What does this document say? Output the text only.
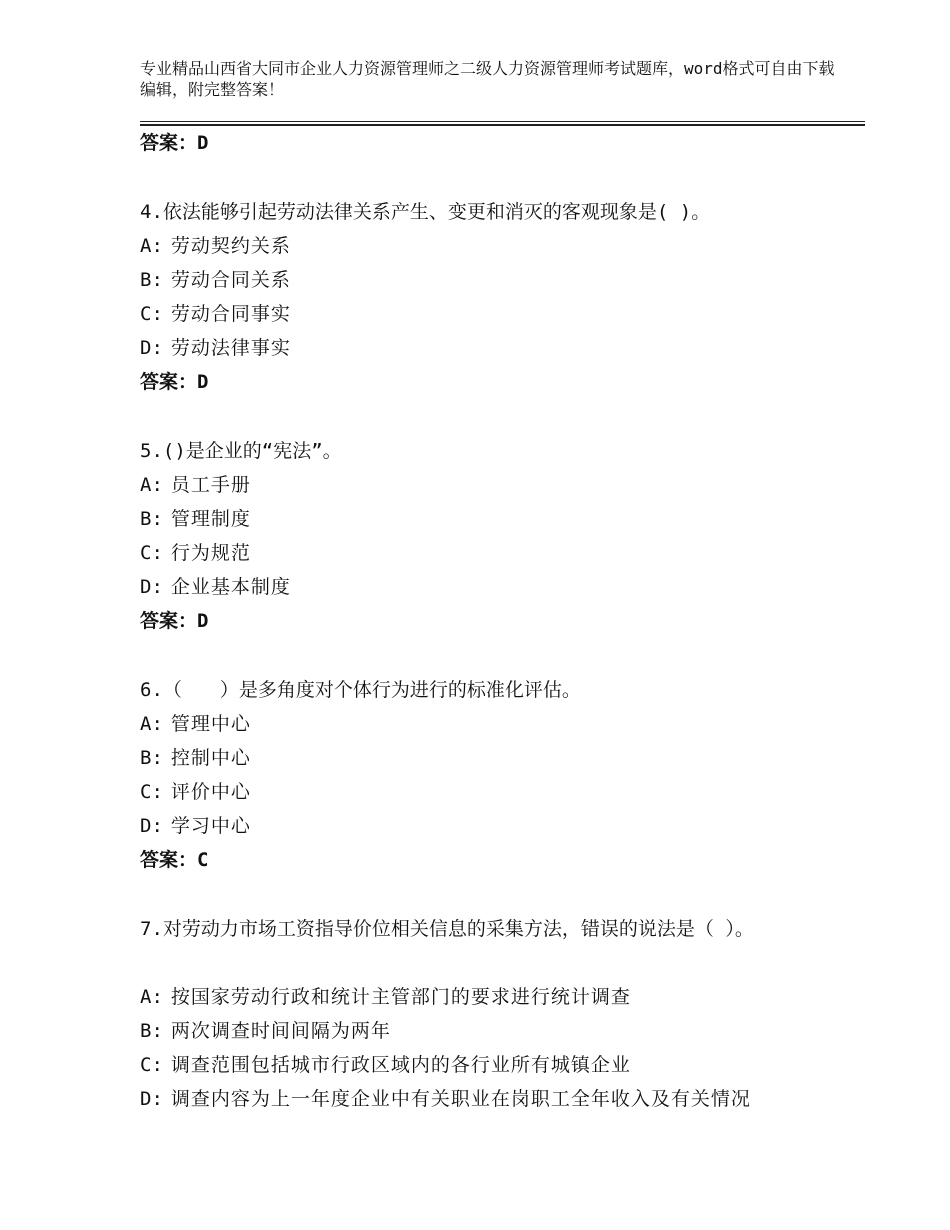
专业精品山西省大同市企业人力资源管理师之二级人力资源管理师考试题库，word格式可自由下载编辑，附完整答案！
答案：D
4.依法能够引起劳动法律关系产生、变更和消灭的客观现象是( )。
A: 劳动契约关系
B: 劳动合同关系
C: 劳动合同事实
D: 劳动法律事实
答案：D
5.()是企业的“宪法”。
A: 员工手册
B: 管理制度
C: 行为规范
D: 企业基本制度
答案：D
6.（　　）是多角度对个体行为进行的标准化评估。
A: 管理中心
B: 控制中心
C: 评价中心
D: 学习中心
答案：C
7.对劳动力市场工资指导价位相关信息的采集方法，错误的说法是（ ）。
A: 按国家劳动行政和统计主管部门的要求进行统计调查
B: 两次调查时间间隔为两年
C: 调查范围包括城市行政区域内的各行业所有城镇企业
D: 调查内容为上一年度企业中有关职业在岗职工全年收入及有关情况
